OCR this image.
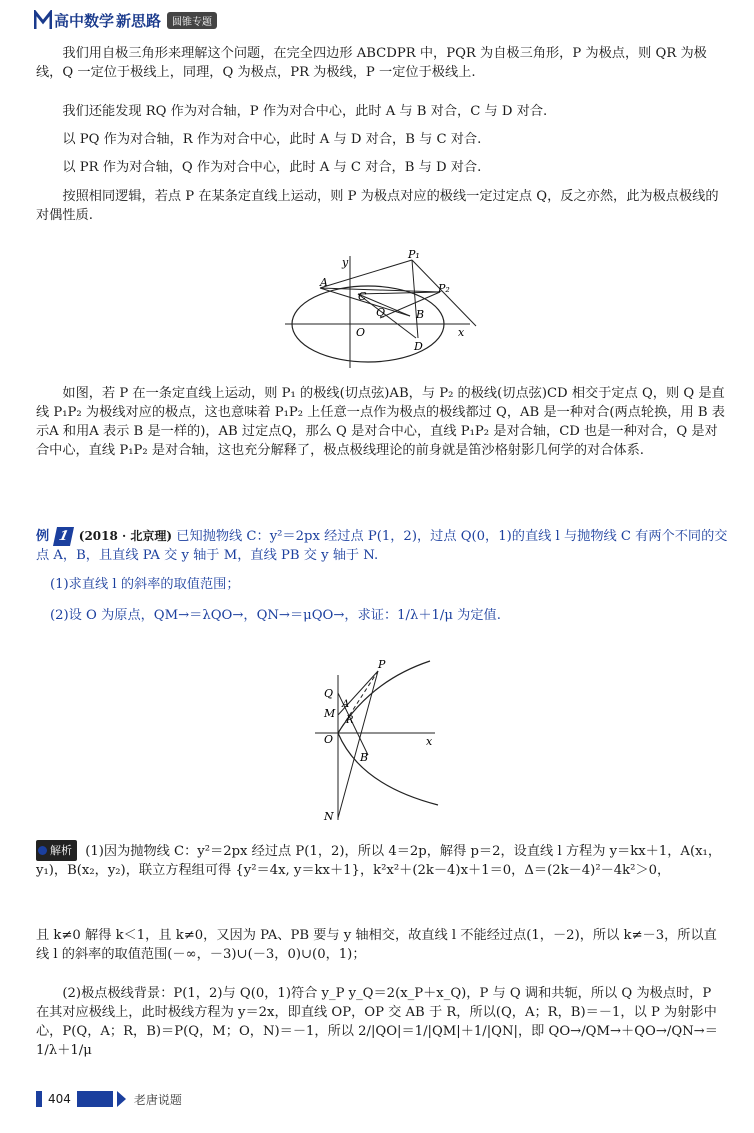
高中数学 新思路	圆锥专题

我们用自极三角形来理解这个问题，在完全四边形 ABCDPR 中，PQR 为自极三角形，P 为极点，则 QR 为极线，Q 一定位于极线上，同理，Q 为极点，PR 为极线，P 一定位于极线上.

我们还能发现 RQ 作为对合轴，P 作为对合中心，此时 A 与 B 对合，C 与 D 对合.

以 PQ 作为对合轴，R 作为对合中心，此时 A 与 D 对合，B 与 C 对合.

以 PR 作为对合轴，Q 作为对合中心，此时 A 与 C 对合，B 与 D 对合.

按照相同逻辑，若点 P 在某条定直线上运动，则 P 为极点对应的极线一定过定点 Q，反之亦然，此为极点极线的对偶性质.

y
P₁
P₂
A
C
Q	B
O
D
x

如图，若 P 在一条定直线上运动，则 P₁ 的极线(切点弦)AB，与 P₂ 的极线(切点弦)CD 相交于定点 Q，则 Q 是直线 P₁P₂ 为极线对应的极点，这也意味着 P₁P₂ 上任意一点作为极点的极线都过 Q，AB 是一种对合(两点轮换，用 B 表示A 和用A 表示 B 是一样的)，AB 过定点Q，那么 Q 是对合中心，直线 P₁P₂ 是对合轴，CD 也是一种对合，Q 是对合中心，直线 P₁P₂ 是对合轴，这也充分解释了，极点极线理论的前身就是笛沙格射影几何学的对合体系.

例 1 (2018 · 北京理) 已知抛物线 C：y²＝2px 经过点 P(1，2)，过点 Q(0，1)的直线 l 与抛物线 C 有两个不同的交点 A，B，且直线 PA 交 y 轴于 M，直线 PB 交 y 轴于 N.
(1)求直线 l 的斜率的取值范围；
(2)设 O 为原点，QM→＝λQO→，QN→＝μQO→，求证：1/λ＋1/μ 为定值.
P
Q
M
A
R
O	x
B
N
解析 (1)因为抛物线 C：y²＝2px 经过点 P(1，2)，所以 4＝2p，解得 p＝2，设直线 l 方程为 y＝kx＋1，A(x₁，y₁)，B(x₂，y₂)，联立方程组可得 {y²＝4x, y＝kx＋1}，k²x²＋(2k－4)x＋1＝0，Δ＝(2k－4)²－4k²＞0，

且 k≠0 解得 k＜1，且 k≠0，又因为 PA、PB 要与 y 轴相交，故直线 l 不能经过点(1，－2)，所以 k≠－3，所以直线 l 的斜率的取值范围(－∞，－3)∪(－3，0)∪(0，1)；

(2)极点极线背景：P(1，2)与 Q(0，1)符合 y_P y_Q＝2(x_P＋x_Q)，P 与 Q 调和共轭，所以 Q 为极点时，P 在其对应极线上，此时极线方程为 y＝2x，即直线 OP，OP 交 AB 于 R，所以(Q，A；R，B)＝－1，以 P 为射影中心，P(Q，A；R，B)＝P(Q，M；O，N)＝－1，所以 2/|QO|＝1/|QM|＋1/|QN|，即 QO→/QM→＋QO→/QN→＝1/λ＋1/μ

404	老唐说题
